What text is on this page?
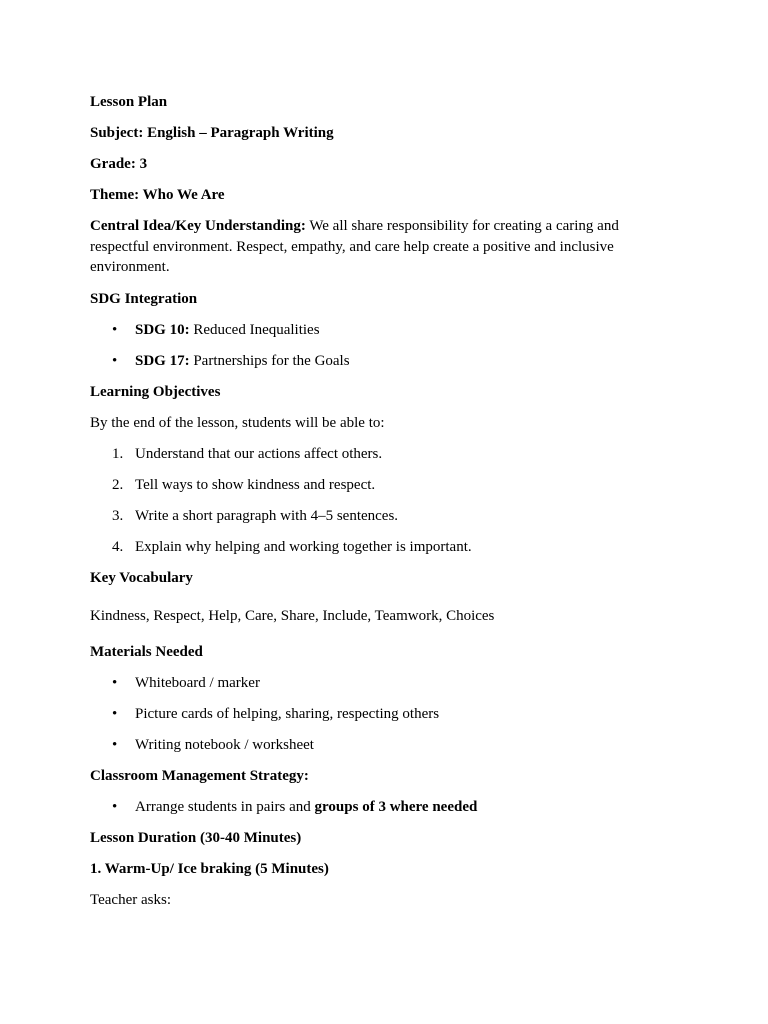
Lesson Plan

Subject: English – Paragraph Writing

Grade: 3

Theme: Who We Are

Central Idea/Key Understanding: We all share responsibility for creating a caring and respectful environment. Respect, empathy, and care help create a positive and inclusive environment.

SDG Integration

• SDG 10: Reduced Inequalities
• SDG 17: Partnerships for the Goals

Learning Objectives

By the end of the lesson, students will be able to:

1. Understand that our actions affect others.
2. Tell ways to show kindness and respect.
3. Write a short paragraph with 4–5 sentences.
4. Explain why helping and working together is important.

Key Vocabulary

Kindness, Respect, Help, Care, Share, Include, Teamwork, Choices

Materials Needed

• Whiteboard / marker
• Picture cards of helping, sharing, respecting others
• Writing notebook / worksheet

Classroom Management Strategy:

• Arrange students in pairs and groups of 3 where needed

Lesson Duration (30-40 Minutes)

1. Warm-Up/ Ice braking (5 Minutes)

Teacher asks:
